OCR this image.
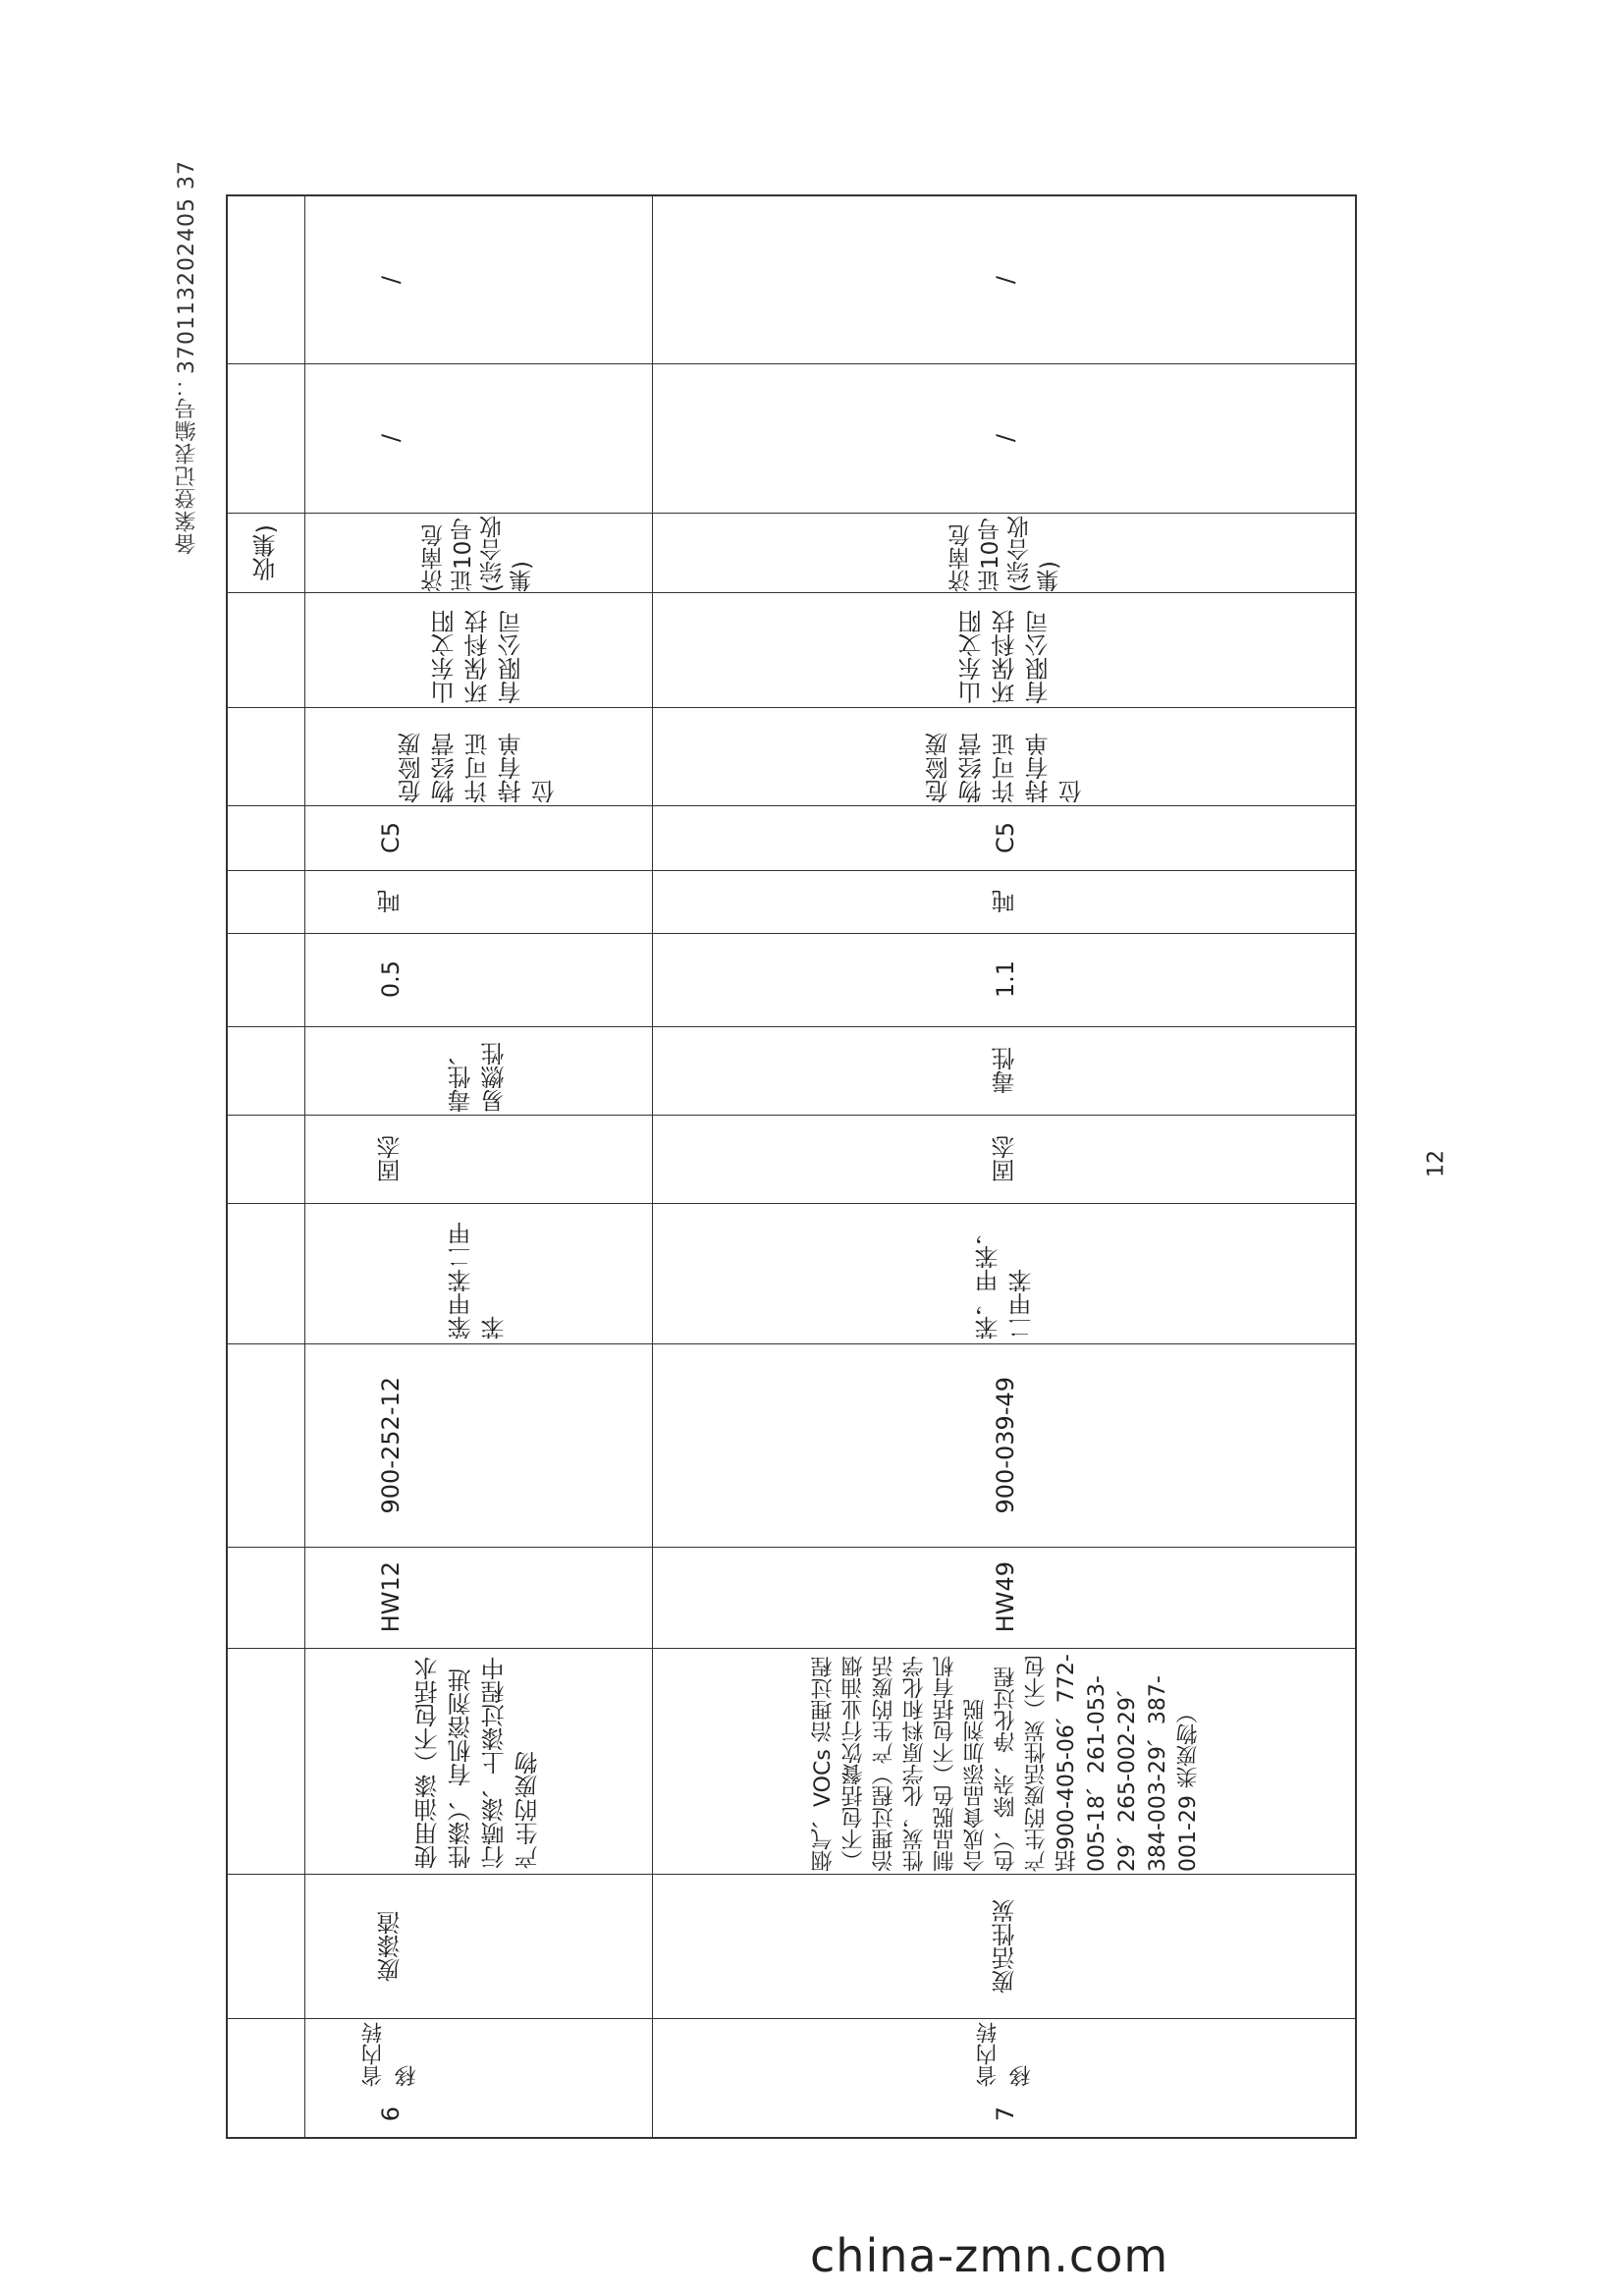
备案登记表编号：370113202405 37 收集)
/
/
济南危证10号(综合收集)
山东文阳环保科技有限公司
危险废物经营许可证持有单位
C5
吨
0.5
毒性、易燃性
固态
笨甲苯二甲苯
900-252-12
HW12
使用油漆（不包括水性漆）、有机溶剂进行喷漆、上漆过程中产生的废物
废漆渣
省内转移
6
/
/
济南危证10号(综合收集)
山东文阳环保科技有限公司
危险废物经营许可证持有单位
C5
吨
1.1
毒性
固态
苯，甲苯，二甲苯
900-039-49
HW49
烟气、VOCs 治理过程（不包括餐饮行业油烟治理过程）产生的废活性炭，化学原料和化学制品脱色（不包括有机合成食品添加剂脱色）、除杂、净化过程产生的废活性炭（不包括900-405-06、772-005-18、261-053-29、265-002-29、384-003-29、387-001-29 类废物）
废活性炭
省内转移
7
12
china-zmn.com
